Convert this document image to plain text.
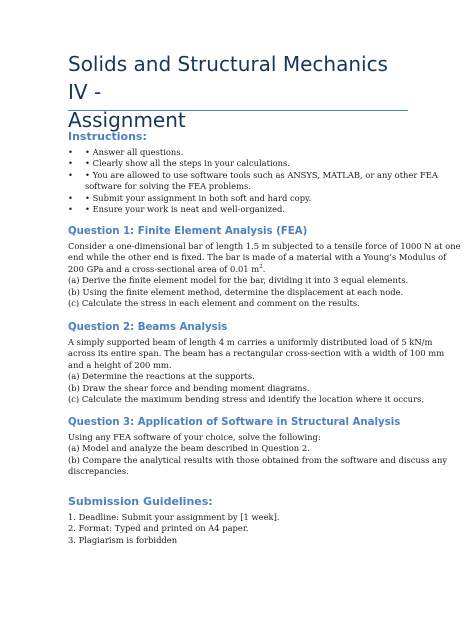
Solids and Structural Mechanics IV -
Assignment
Instructions:
•	• Answer all questions.
•	• Clearly show all the steps in your calculations.
•	• You are allowed to use software tools such as ANSYS, MATLAB, or any other FEA
software for solving the FEA problems.
•	• Submit your assignment in both soft and hard copy.
•	• Ensure your work is neat and well-organized.
Question 1: Finite Element Analysis (FEA)
Consider a one-dimensional bar of length 1.5 m subjected to a tensile force of 1000 N at one
end while the other end is fixed. The bar is made of a material with a Young’s Modulus of
200 GPa and a cross-sectional area of 0.01 $m^2$.
(a) Derive the finite element model for the bar, dividing it into 3 equal elements.
(b) Using the finite element method, determine the displacement at each node.
(c) Calculate the stress in each element and comment on the results.
Question 2: Beams Analysis
A simply supported beam of length 4 m carries a uniformly distributed load of 5 kN/m
across its entire span. The beam has a rectangular cross-section with a width of 100 mm
and a height of 200 mm.
(a) Determine the reactions at the supports.
(b) Draw the shear force and bending moment diagrams.
(c) Calculate the maximum bending stress and identify the location where it occurs.
Question 3: Application of Software in Structural Analysis
Using any FEA software of your choice, solve the following:
(a) Model and analyze the beam described in Question 2.
(b) Compare the analytical results with those obtained from the software and discuss any
discrepancies.
Submission Guidelines:
1. Deadline: Submit your assignment by [1 week].
2. Format: Typed and printed on A4 paper.
3. Plagiarism is forbidden
